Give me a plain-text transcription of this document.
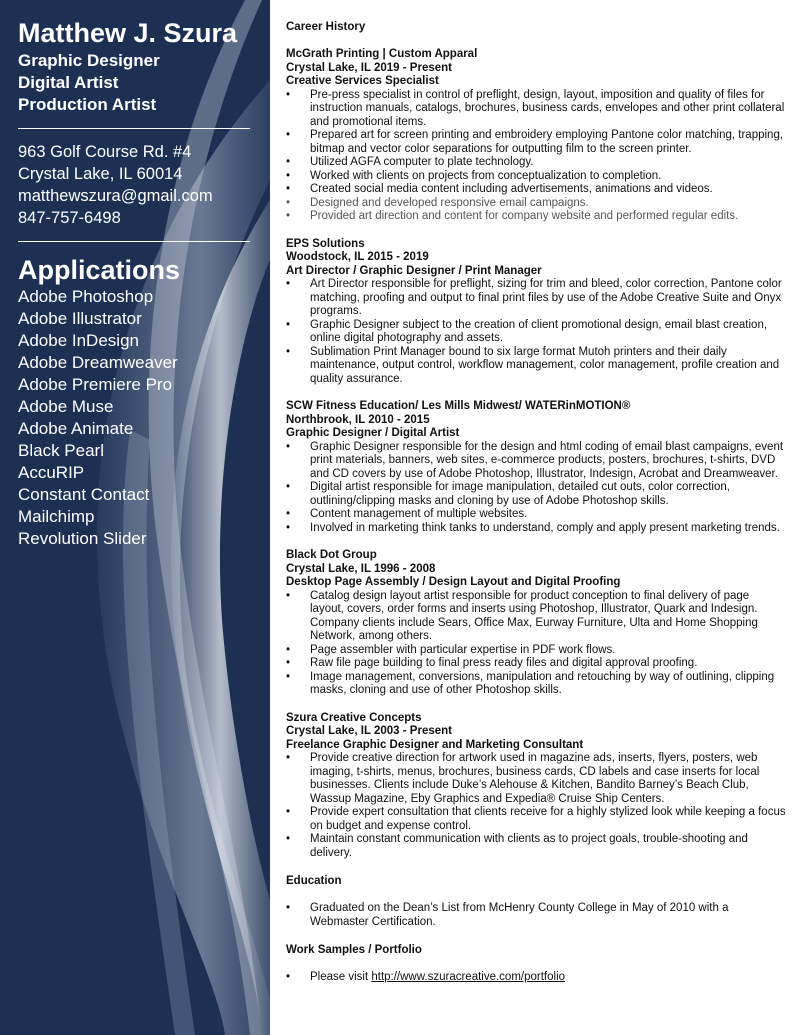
Matthew J. Szura
Graphic Designer
Digital Artist
Production Artist
963 Golf Course Rd. #4
Crystal Lake, IL 60014
matthewszura@gmail.com
847-757-6498
Applications
Adobe Photoshop
Adobe Illustrator
Adobe InDesign
Adobe Dreamweaver
Adobe Premiere Pro
Adobe Muse
Adobe Animate
Black Pearl
AccuRIP
Constant Contact
Mailchimp
Revolution Slider
Career History
McGrath Printing | Custom Apparal
Crystal Lake, IL 2019 - Present
Creative Services Specialist
• Pre-press specialist in control of preflight, design, layout, imposition and quality of files for instruction manuals, catalogs, brochures, business cards, envelopes and other print collateral and promotional items.
• Prepared art for screen printing and embroidery employing Pantone color matching, trapping, bitmap and vector color separations for outputting film to the screen printer.
• Utilized AGFA computer to plate technology.
• Worked with clients on projects from conceptualization to completion.
• Created social media content including advertisements, animations and videos.
• Designed and developed responsive email campaigns.
• Provided art direction and content for company website and performed regular edits.
EPS Solutions
Woodstock, IL 2015 - 2019
Art Director / Graphic Designer / Print Manager
• Art Director responsible for preflight, sizing for trim and bleed, color correction, Pantone color matching, proofing and output to final print files by use of the Adobe Creative Suite and Onyx programs.
• Graphic Designer subject to the creation of client promotional design, email blast creation, online digital photography and assets.
• Sublimation Print Manager bound to six large format Mutoh printers and their daily maintenance, output control, workflow management, color management, profile creation and quality assurance.
SCW Fitness Education/ Les Mills Midwest/ WATERinMOTION®
Northbrook, IL 2010 - 2015
Graphic Designer / Digital Artist
• Graphic Designer responsible for the design and html coding of email blast campaigns, event print materials, banners, web sites, e-commerce products, posters, brochures, t-shirts, DVD and CD covers by use of Adobe Photoshop, Illustrator, Indesign, Acrobat and Dreamweaver.
• Digital artist responsible for image manipulation, detailed cut outs, color correction, outlining/clipping masks and cloning by use of Adobe Photoshop skills.
• Content management of multiple websites.
• Involved in marketing think tanks to understand, comply and apply present marketing trends.
Black Dot Group
Crystal Lake, IL 1996 - 2008
Desktop Page Assembly / Design Layout and Digital Proofing
• Catalog design layout artist responsible for product conception to final delivery of page layout, covers, order forms and inserts using Photoshop, Illustrator, Quark and Indesign. Company clients include Sears, Office Max, Eurway Furniture, Ulta and Home Shopping Network, among others.
• Page assembler with particular expertise in PDF work flows.
• Raw file page building to final press ready files and digital approval proofing.
• Image management, conversions, manipulation and retouching by way of outlining, clipping masks, cloning and use of other Photoshop skills.
Szura Creative Concepts
Crystal Lake, IL 2003 - Present
Freelance Graphic Designer and Marketing Consultant
• Provide creative direction for artwork used in magazine ads, inserts, flyers, posters, web imaging, t-shirts, menus, brochures, business cards, CD labels and case inserts for local businesses. Clients include Duke’s Alehouse & Kitchen, Bandito Barney’s Beach Club, Wassup Magazine, Eby Graphics and Expedia® Cruise Ship Centers.
• Provide expert consultation that clients receive for a highly stylized look while keeping a focus on budget and expense control.
• Maintain constant communication with clients as to project goals, trouble-shooting and delivery.
Education
• Graduated on the Dean’s List from McHenry County College in May of 2010 with a Webmaster Certification.
Work Samples / Portfolio
• Please visit http://www.szuracreative.com/portfolio
